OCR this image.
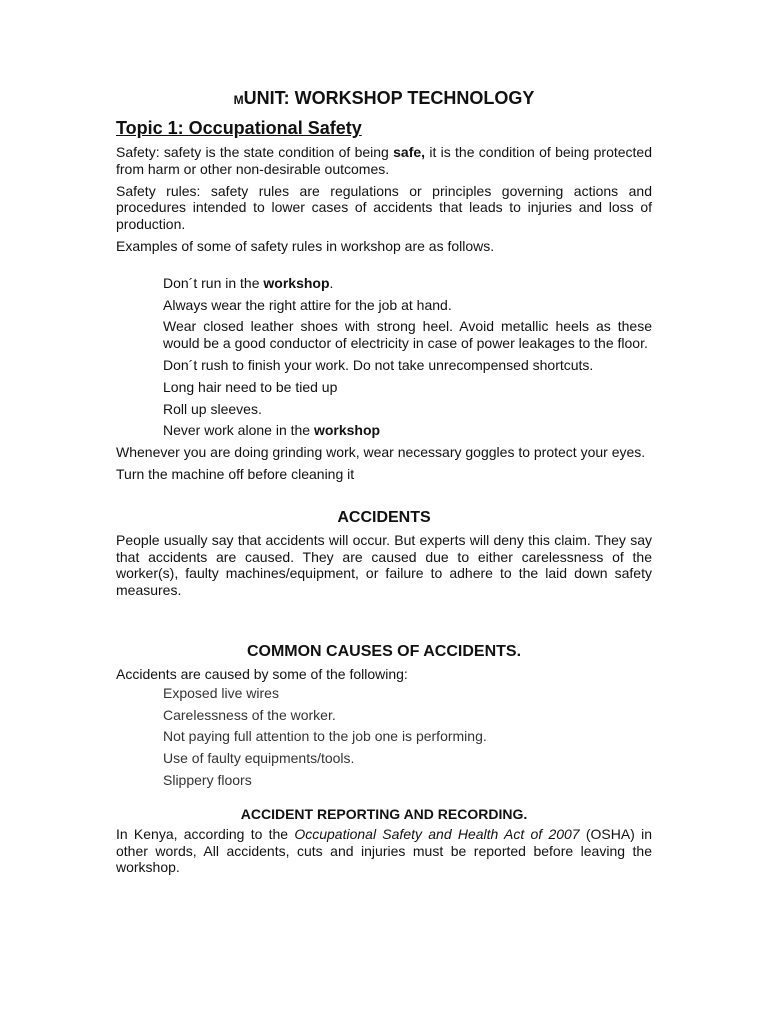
MUNIT: WORKSHOP TECHNOLOGY
Topic 1: Occupational Safety

Safety: safety is the state condition of being safe, it is the condition of being protected from harm or other non-desirable outcomes.

Safety rules: safety rules are regulations or principles governing actions and procedures intended to lower cases of accidents that leads to injuries and loss of production.

Examples of some of safety rules in workshop are as follows.

Don´t run in the workshop.
Always wear the right attire for the job at hand.
Wear closed leather shoes with strong heel. Avoid metallic heels as these would be a good conductor of electricity in case of power leakages to the floor.
Don´t rush to finish your work. Do not take unrecompensed shortcuts.
Long hair need to be tied up
Roll up sleeves.
Never work alone in the workshop

Whenever you are doing grinding work, wear necessary goggles to protect your eyes.

Turn the machine off before cleaning it

ACCIDENTS

People usually say that accidents will occur. But experts will deny this claim. They say that accidents are caused. They are caused due to either carelessness of the worker(s), faulty machines/equipment, or failure to adhere to the laid down safety measures.

COMMON CAUSES OF ACCIDENTS.

Accidents are caused by some of the following:

Exposed live wires
Carelessness of the worker.
Not paying full attention to the job one is performing.
Use of faulty equipments/tools.
Slippery floors
ACCIDENT REPORTING AND RECORDING.

In Kenya, according to the Occupational Safety and Health Act of 2007 (OSHA) in other words, All accidents, cuts and injuries must be reported before leaving the workshop.
